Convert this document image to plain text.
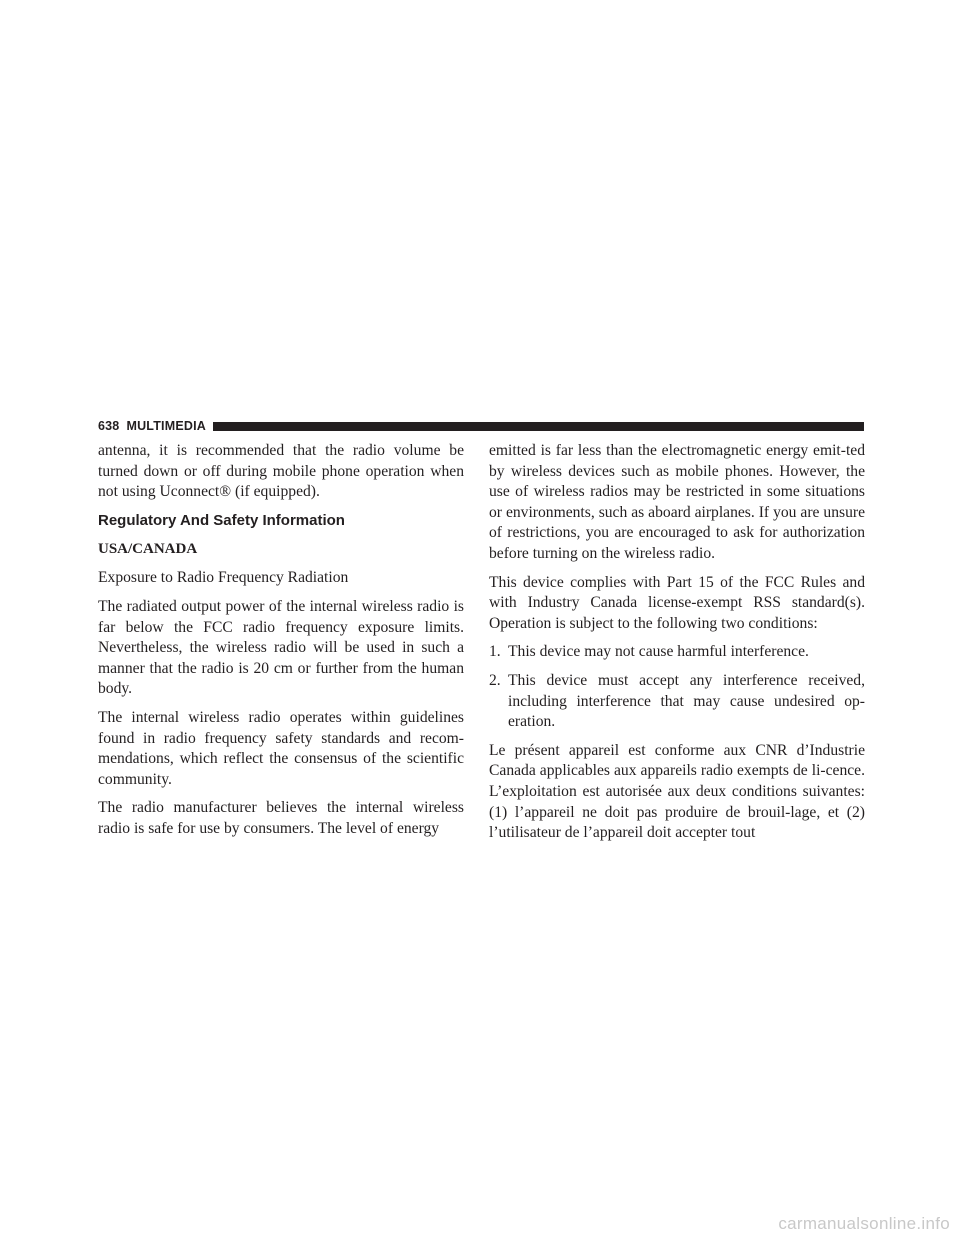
638 MULTIMEDIA

antenna, it is recommended that the radio volume be turned down or off during mobile phone operation when not using Uconnect® (if equipped).

Regulatory And Safety Information

USA/CANADA

Exposure to Radio Frequency Radiation

The radiated output power of the internal wireless radio is far below the FCC radio frequency exposure limits. Nevertheless, the wireless radio will be used in such a manner that the radio is 20 cm or further from the human body.

The internal wireless radio operates within guidelines found in radio frequency safety standards and recom-mendations, which reflect the consensus of the scientific community.

The radio manufacturer believes the internal wireless radio is safe for use by consumers. The level of energy

emitted is far less than the electromagnetic energy emit-ted by wireless devices such as mobile phones. However, the use of wireless radios may be restricted in some situations or environments, such as aboard airplanes. If you are unsure of restrictions, you are encouraged to ask for authorization before turning on the wireless radio.

This device complies with Part 15 of the FCC Rules and with Industry Canada license-exempt RSS standard(s). Operation is subject to the following two conditions:

1. This device may not cause harmful interference.
2. This device must accept any interference received, including interference that may cause undesired op-eration.

Le présent appareil est conforme aux CNR d’Industrie Canada applicables aux appareils radio exempts de li-cence. L’exploitation est autorisée aux deux conditions suivantes: (1) l’appareil ne doit pas produire de brouil-lage, et (2) l’utilisateur de l’appareil doit accepter tout

carmanualsonline.info
